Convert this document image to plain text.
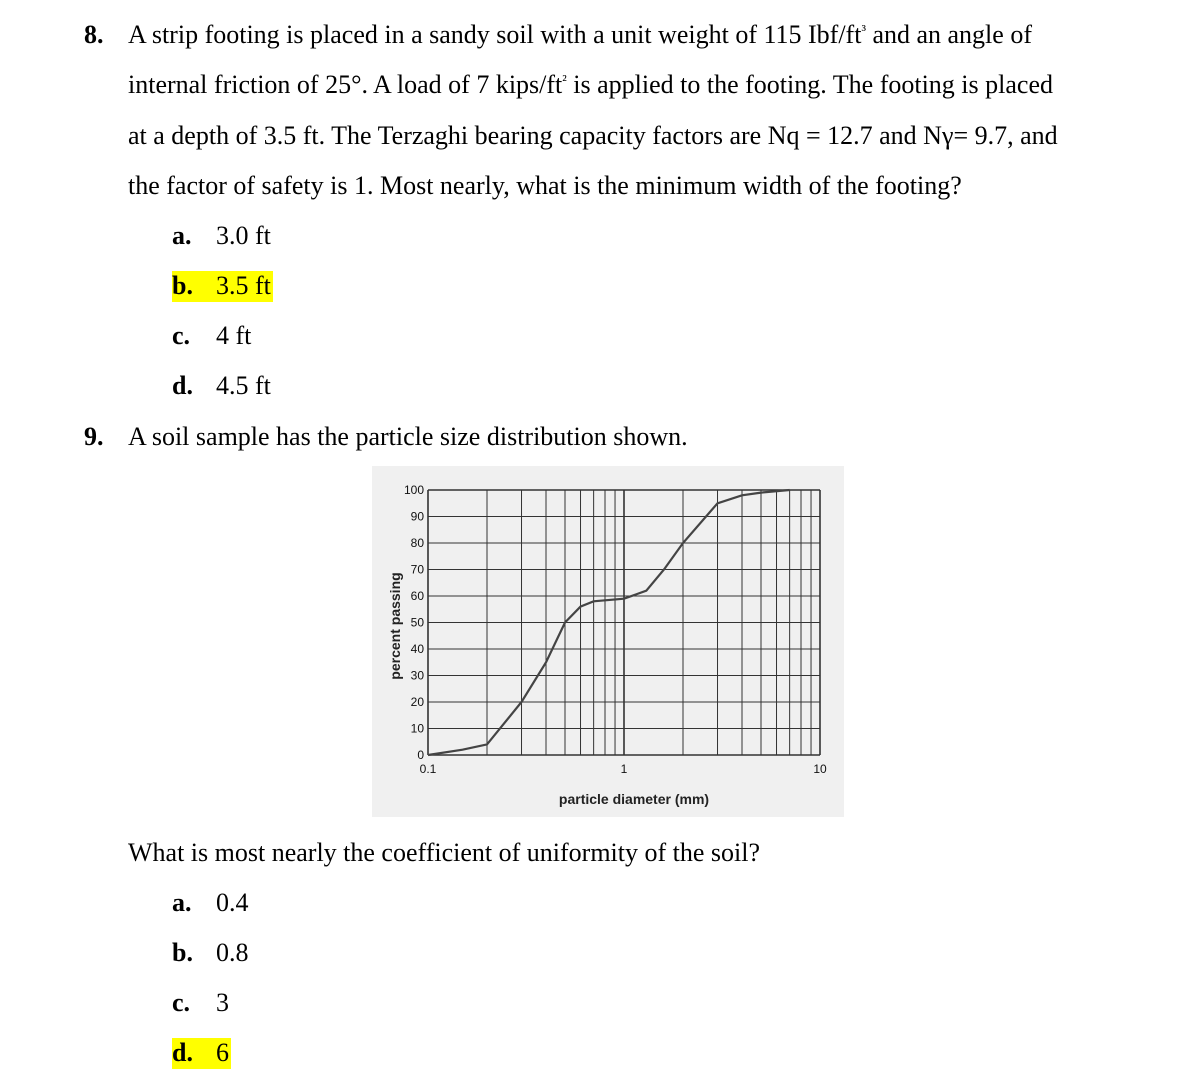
8. A strip footing is placed in a sandy soil with a unit weight of 115 Ibf/$ft^{^3}$ and an angle of
internal friction of 25°. A load of 7 kips/$ft^{^2}$ is applied to the footing. The footing is placed
at a depth of 3.5 ft. The Terzaghi bearing capacity factors are Nq = 12.7 and Nγ= 9.7, and
the factor of safety is 1. Most nearly, what is the minimum width of the footing?
a. 3.0 ft
b. 3.5 ft
c. 4 ft
d. 4.5 ft
9. A soil sample has the particle size distribution shown.
0
10
20
30
40
50
60
70
80
90
100
0.1	1	10
particle diameter (mm)
percent passing
What is most nearly the coefficient of uniformity of the soil?
a. 0.4
b. 0.8
c. 3
d. 6
